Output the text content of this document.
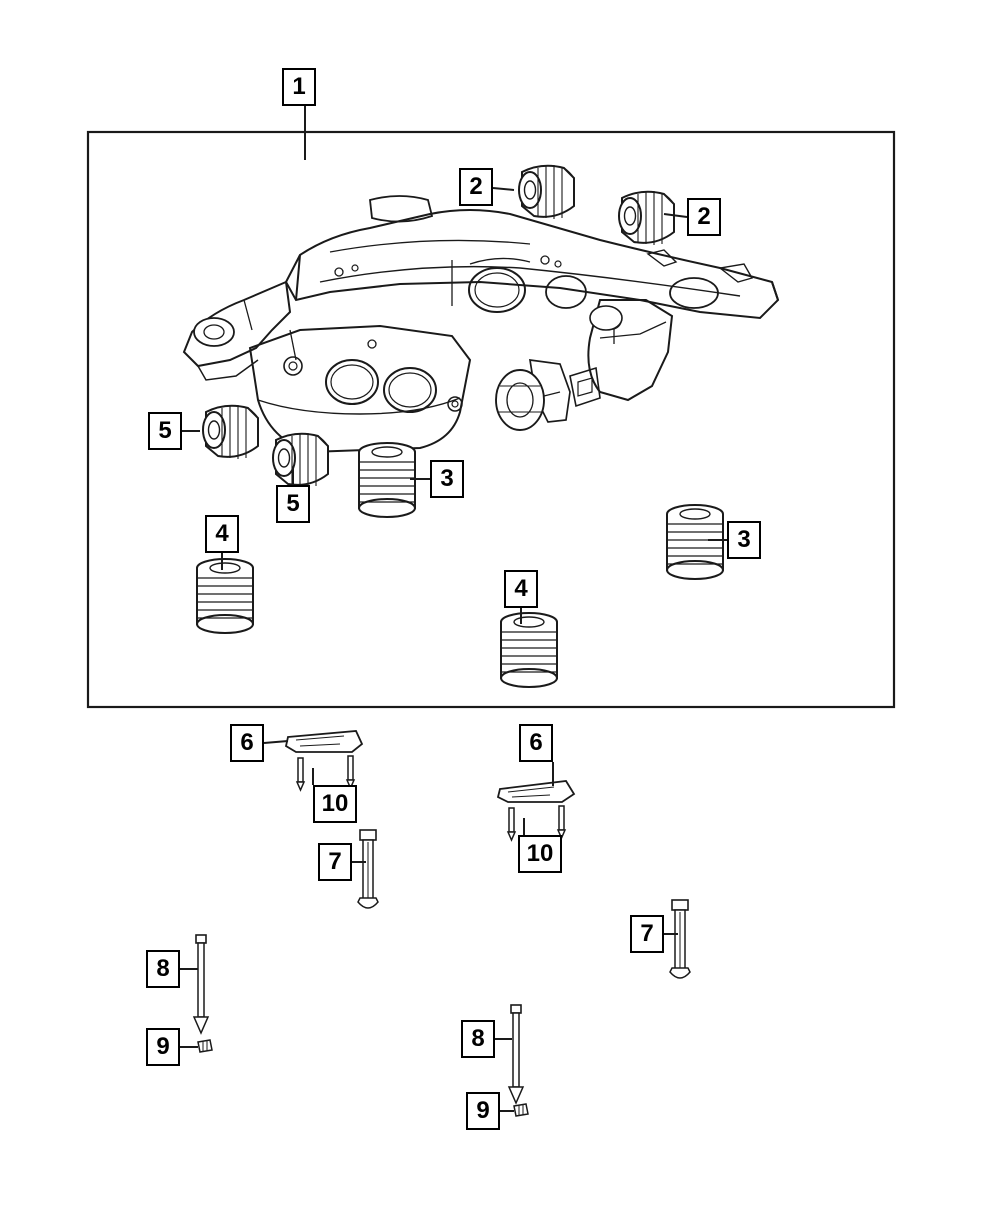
1
2
2
5
5
3
3
4
4
6	6
10
10
7
7
8
8
9
9
